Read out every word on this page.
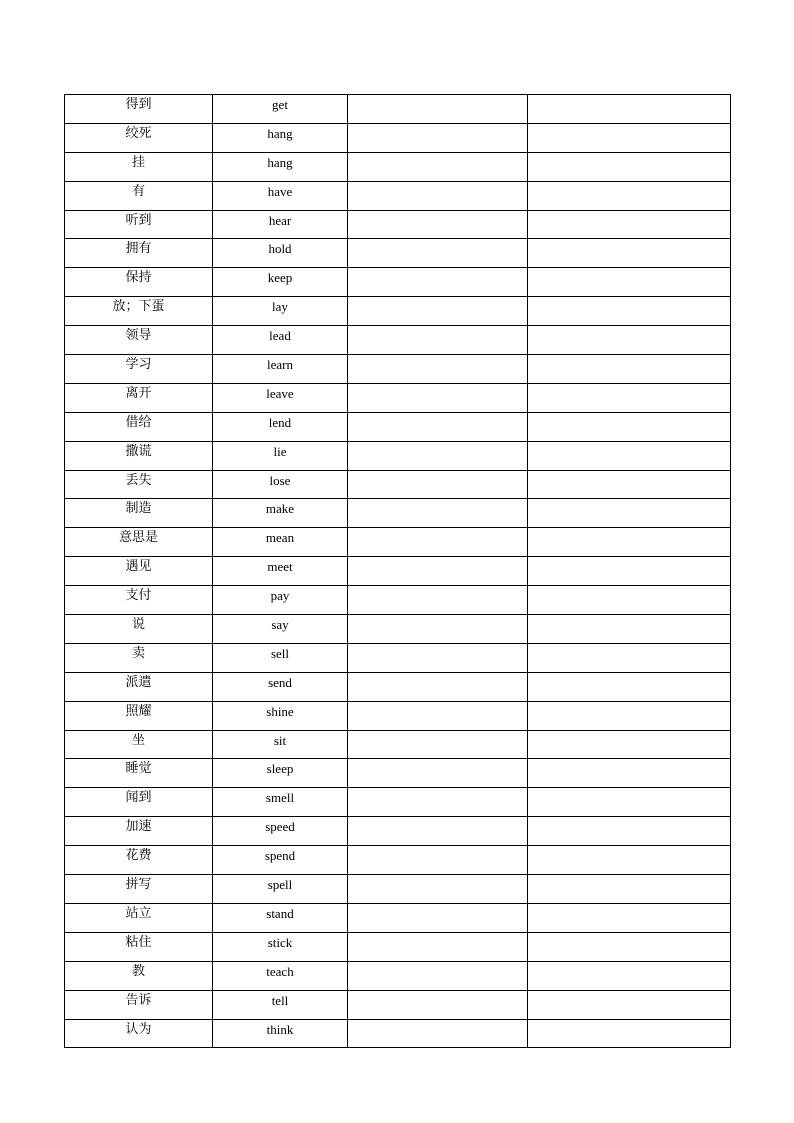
得到	get		
绞死	hang		
挂	hang		
有	have		
听到	hear		
拥有	hold		
保持	keep		
放；下蛋	lay		
领导	lead		
学习	learn		
离开	leave		
借给	lend		
撒谎	lie		
丢失	lose		
制造	make		
意思是	mean		
遇见	meet		
支付	pay		
说	say		
卖	sell		
派遣	send		
照耀	shine		
坐	sit		
睡觉	sleep		
闻到	smell		
加速	speed		
花费	spend		
拼写	spell		
站立	stand		
粘住	stick		
教	teach		
告诉	tell		
认为	think		
